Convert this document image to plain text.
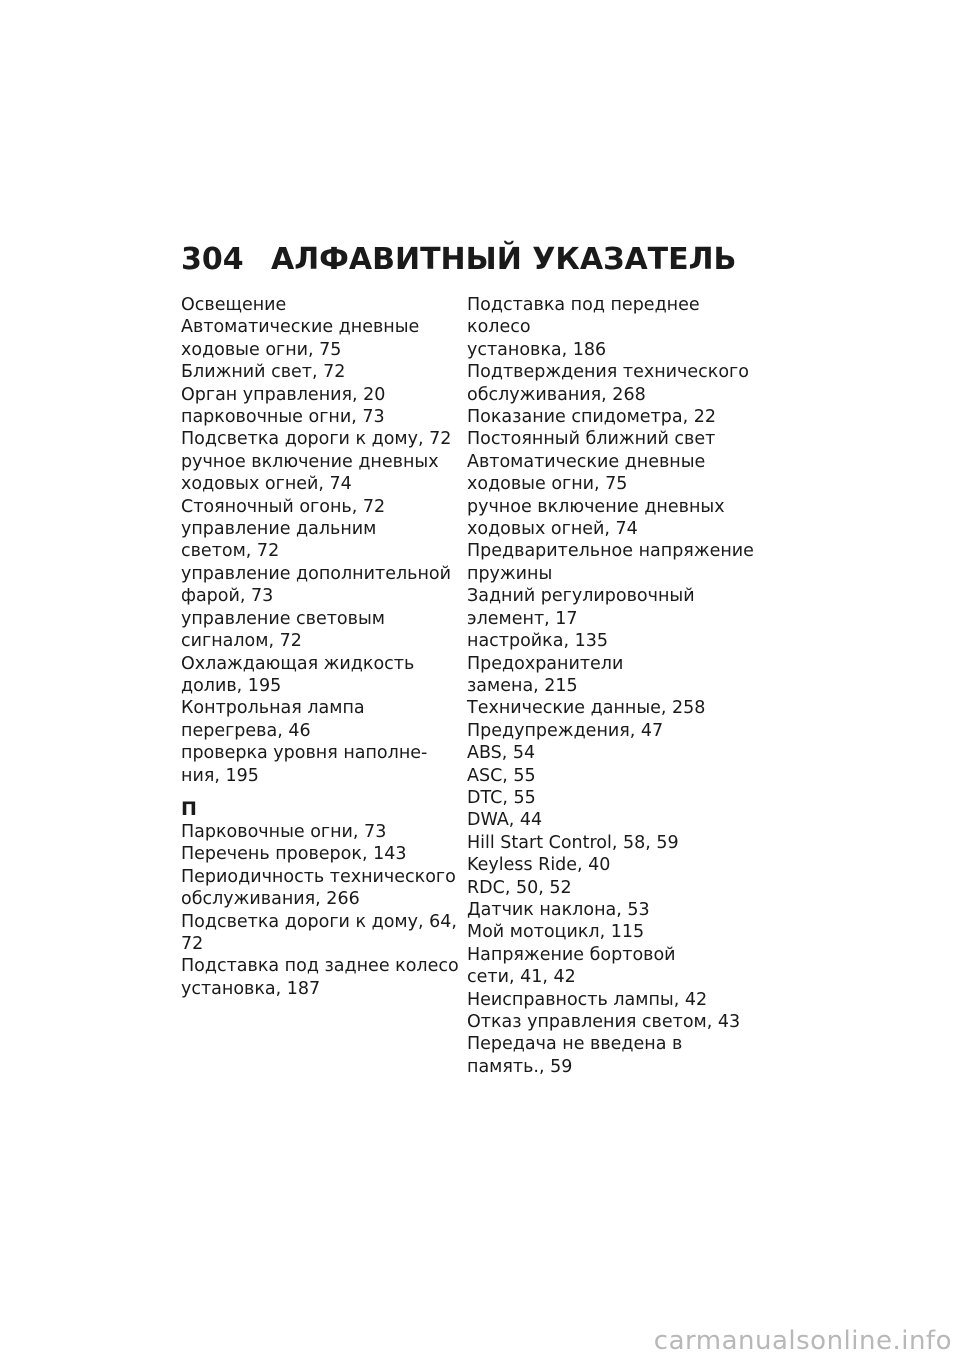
304 АЛФАВИТНЫЙ УКАЗАТЕЛЬ
Освещение
Автоматические дневные
ходовые огни, 75
Ближний свет, 72
Орган управления, 20
парковочные огни, 73
Подсветка дороги к дому, 72
ручное включение дневных
ходовых огней, 74
Стояночный огонь, 72
управление дальним
светом, 72
управление дополнительной
фарой, 73
управление световым
сигналом, 72
Охлаждающая жидкость
долив, 195
Контрольная лампа
перегрева, 46
проверка уровня наполне-
ния, 195
П
Парковочные огни, 73
Перечень проверок, 143
Периодичность технического
обслуживания, 266
Подсветка дороги к дому, 64,
72
Подставка под заднее колесо
установка, 187
Подставка под переднее
колесо
установка, 186
Подтверждения технического
обслуживания, 268
Показание спидометра, 22
Постоянный ближний свет
Автоматические дневные
ходовые огни, 75
ручное включение дневных
ходовых огней, 74
Предварительное напряжение
пружины
Задний регулировочный
элемент, 17
настройка, 135
Предохранители
замена, 215
Технические данные, 258
Предупреждения, 47
ABS, 54
ASC, 55
DTC, 55
DWA, 44
Hill Start Control, 58, 59
Keyless Ride, 40
RDC, 50, 52
Датчик наклона, 53
Мой мотоцикл, 115
Напряжение бортовой
сети, 41, 42
Неисправность лампы, 42
Отказ управления светом, 43
Передача не введена в
память., 59
carmanualsonline.info
